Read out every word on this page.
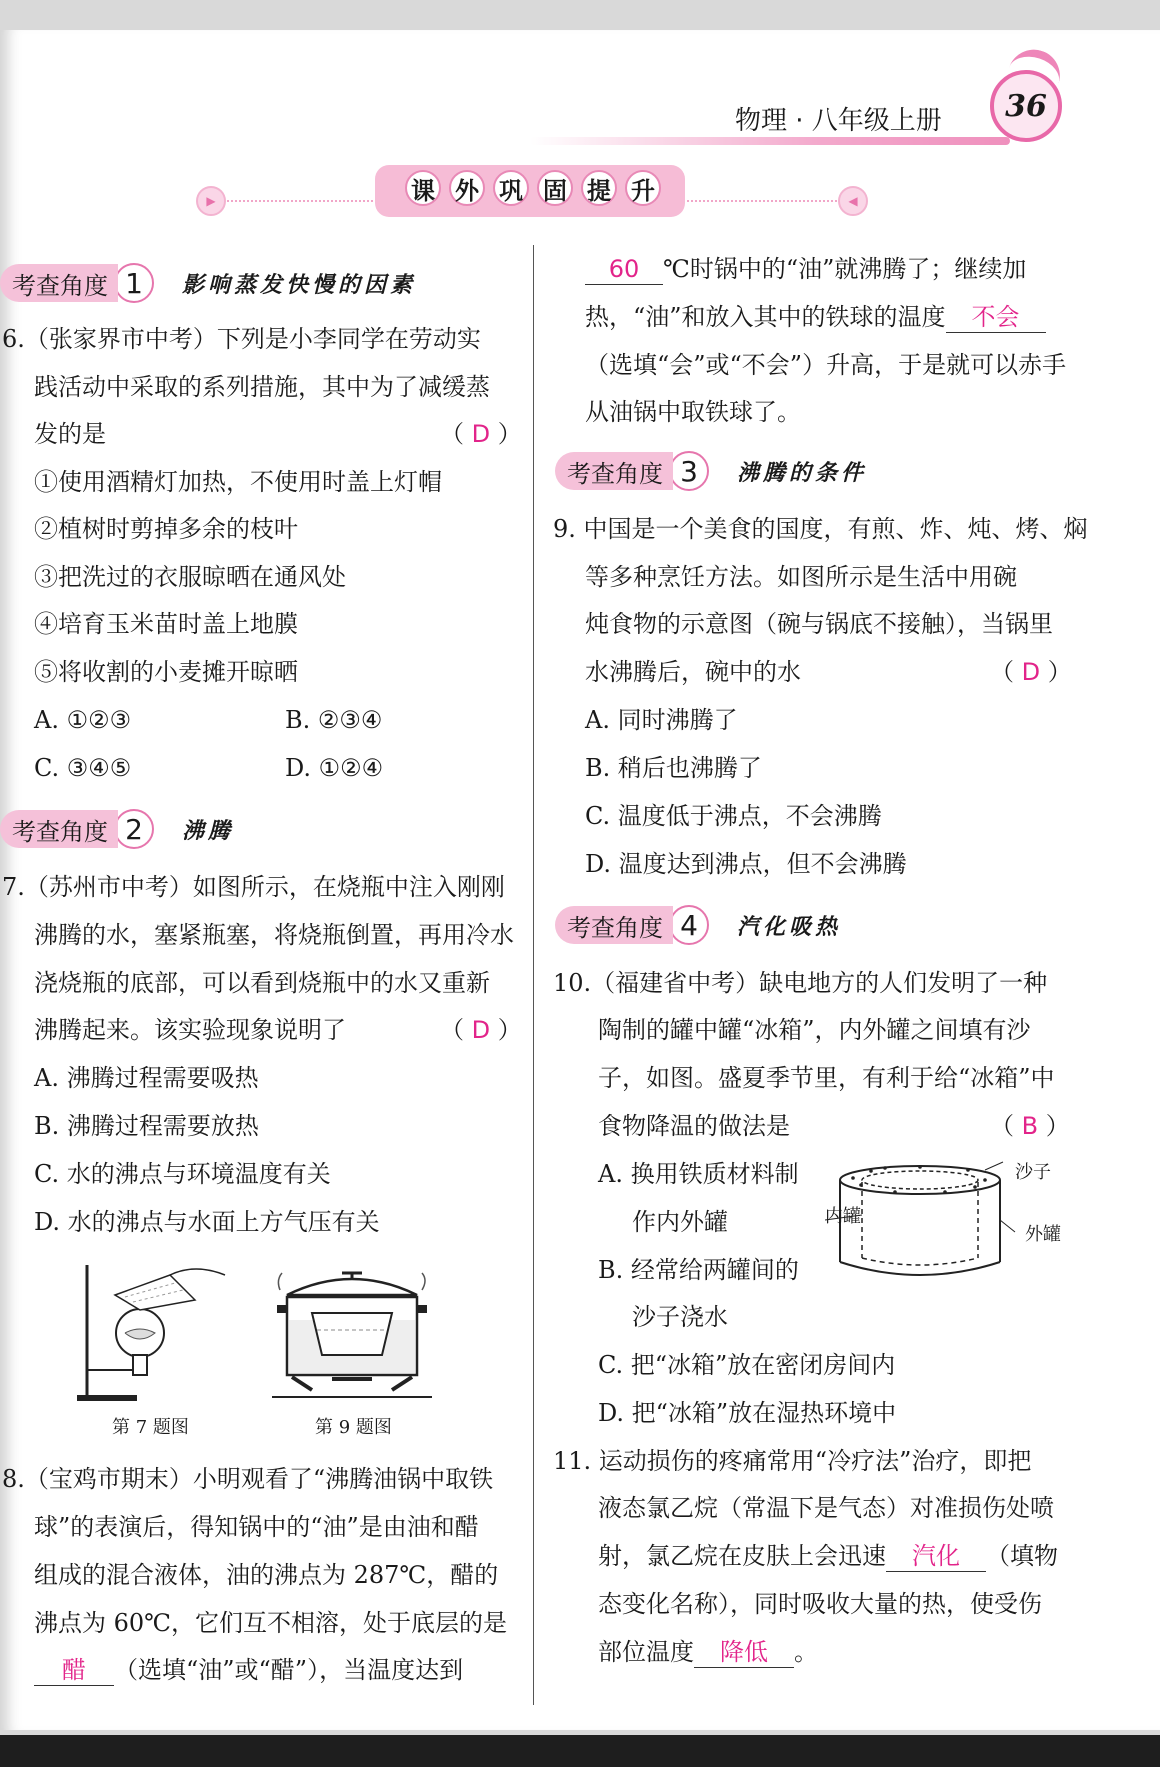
物理 · 八年级上册	36
▶	◀
课 外 巩 固 提 升
考查角度 1	影响蒸发快慢的因素
6.（张家界市中考）下列是小李同学在劳动实
践活动中采取的系列措施，其中为了减缓蒸
发的是	（ D ）
①使用酒精灯加热，不使用时盖上灯帽
②植树时剪掉多余的枝叶
③把洗过的衣服晾晒在通风处
④培育玉米苗时盖上地膜
⑤将收割的小麦摊开晾晒
A. ①②③	B. ②③④
C. ③④⑤	D. ①②④
考查角度 2	沸腾
7.（苏州市中考）如图所示，在烧瓶中注入刚刚
沸腾的水，塞紧瓶塞，将烧瓶倒置，再用冷水
浇烧瓶的底部，可以看到烧瓶中的水又重新
沸腾起来。该实验现象说明了	（ D ）
A. 沸腾过程需要吸热
B. 沸腾过程需要放热
C. 水的沸点与环境温度有关
D. 水的沸点与水面上方气压有关
第 7 题图	第 9 题图
8.（宝鸡市期末）小明观看了“沸腾油锅中取铁
球”的表演后，得知锅中的“油”是由油和醋
组成的混合液体，油的沸点为 287℃，醋的
沸点为 60℃，它们互不相溶，处于底层的是
醋 （选填“油”或“醋”），当温度达到
60 ℃时锅中的“油”就沸腾了；继续加
热，“油”和放入其中的铁球的温度 不会
（选填“会”或“不会”）升高，于是就可以赤手
从油锅中取铁球了。
考查角度 3	沸腾的条件
9. 中国是一个美食的国度，有煎、炸、炖、烤、焖
等多种烹饪方法。如图所示是生活中用碗
炖食物的示意图（碗与锅底不接触），当锅里
水沸腾后，碗中的水	（ D ）
A. 同时沸腾了
B. 稍后也沸腾了
C. 温度低于沸点，不会沸腾
D. 温度达到沸点，但不会沸腾
考查角度 4	汽化吸热
10.（福建省中考）缺电地方的人们发明了一种
陶制的罐中罐“冰箱”，内外罐之间填有沙
子，如图。盛夏季节里，有利于给“冰箱”中
食物降温的做法是	（ B ）
A. 换用铁质材料制
作内外罐
B. 经常给两罐间的
沙子浇水
C. 把“冰箱”放在密闭房间内
D. 把“冰箱”放在湿热环境中
沙子
内罐
外罐
11. 运动损伤的疼痛常用“冷疗法”治疗，即把
液态氯乙烷（常温下是气态）对准损伤处喷
射，氯乙烷在皮肤上会迅速 汽化 （填物
态变化名称），同时吸收大量的热，使受伤
部位温度 降低 。
